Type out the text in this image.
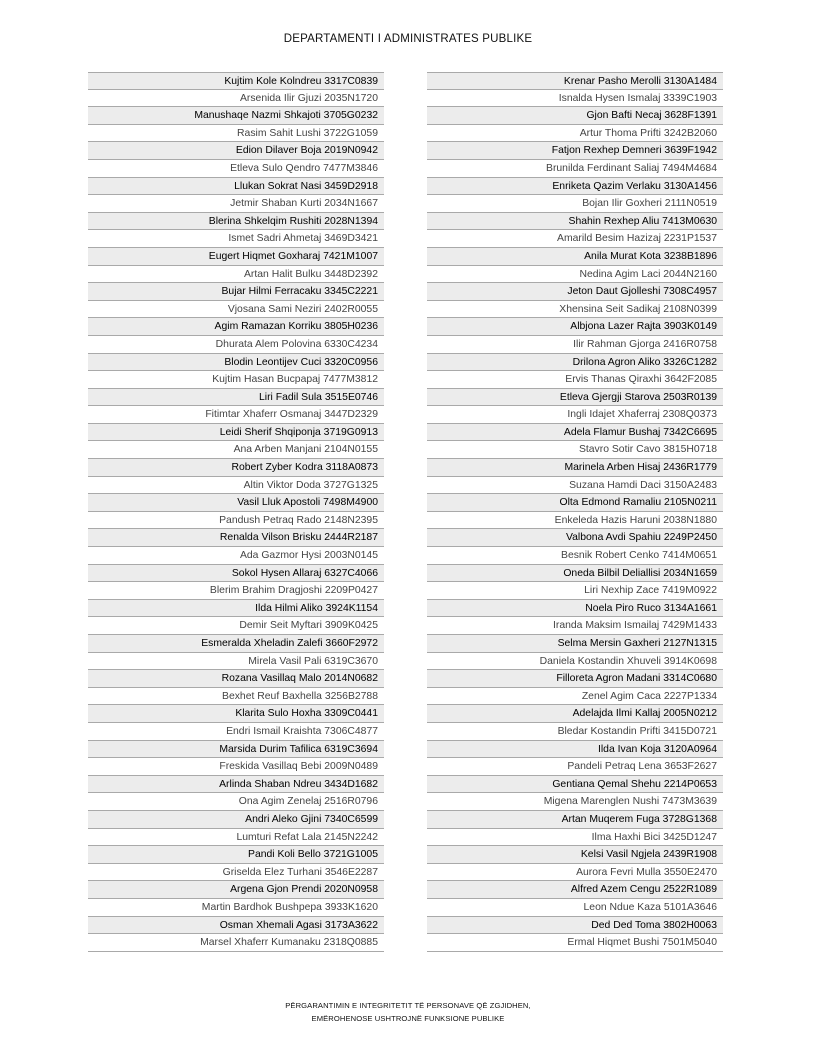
DEPARTAMENTI I ADMINISTRATES PUBLIKE
Kujtim Kole Kolndreu 3317C0839
Arsenida Ilir Gjuzi 2035N1720
Manushaqe Nazmi Shkajoti 3705G0232
Rasim Sahit Lushi 3722G1059
Edion Dilaver Boja 2019N0942
Etleva Sulo Qendro 7477M3846
Llukan Sokrat Nasi 3459D2918
Jetmir Shaban Kurti 2034N1667
Blerina Shkelqim Rushiti 2028N1394
Ismet Sadri Ahmetaj 3469D3421
Eugert Hiqmet Goxharaj 7421M1007
Artan Halit Bulku 3448D2392
Bujar Hilmi Ferracaku 3345C2221
Vjosana Sami Neziri 2402R0055
Agim Ramazan Korriku 3805H0236
Dhurata Alem Polovina 6330C4234
Blodin Leontijev Cuci 3320C0956
Kujtim Hasan Bucpapaj 7477M3812
Liri Fadil Sula 3515E0746
Fitimtar Xhaferr Osmanaj 3447D2329
Leidi Sherif Shqiponja 3719G0913
Ana Arben Manjani 2104N0155
Robert Zyber Kodra 3118A0873
Altin Viktor Doda 3727G1325
Vasil Lluk Apostoli 7498M4900
Pandush Petraq Rado 2148N2395
Renalda Vilson Brisku 2444R2187
Ada Gazmor Hysi 2003N0145
Sokol Hysen Allaraj 6327C4066
Blerim Brahim Dragjoshi 2209P0427
Ilda Hilmi Aliko 3924K1154
Demir Seit Myftari 3909K0425
Esmeralda Xheladin Zalefi 3660F2972
Mirela Vasil Pali 6319C3670
Rozana Vasillaq Malo 2014N0682
Bexhet Reuf Baxhella 3256B2788
Klarita Sulo Hoxha 3309C0441
Endri Ismail Kraishta 7306C4877
Marsida Durim Tafilica 6319C3694
Freskida Vasillaq Bebi 2009N0489
Arlinda Shaban Ndreu 3434D1682
Ona Agim Zenelaj 2516R0796
Andri Aleko Gjini 7340C6599
Lumturi Refat Lala 2145N2242
Pandi Koli Bello 3721G1005
Griselda Elez Turhani 3546E2287
Argena Gjon Prendi 2020N0958
Martin Bardhok Bushpepa 3933K1620
Osman Xhemali Agasi 3173A3622
Marsel Xhaferr Kumanaku 2318Q0885
Krenar Pasho Merolli 3130A1484
Isnalda Hysen Ismalaj 3339C1903
Gjon Bafti Necaj 3628F1391
Artur Thoma Prifti 3242B2060
Fatjon Rexhep Demneri 3639F1942
Brunilda Ferdinant Saliaj 7494M4684
Enriketa Qazim Verlaku 3130A1456
Bojan Ilir Goxheri 2111N0519
Shahin Rexhep Aliu 7413M0630
Amarild Besim Hazizaj 2231P1537
Anila Murat Kota 3238B1896
Nedina Agim Laci 2044N2160
Jeton Daut Gjolleshi 7308C4957
Xhensina Seit Sadikaj 2108N0399
Albjona Lazer Rajta 3903K0149
Ilir Rahman Gjorga 2416R0758
Drilona Agron Aliko 3326C1282
Ervis Thanas Qiraxhi 3642F2085
Etleva Gjergji Starova 2503R0139
Ingli Idajet Xhaferraj 2308Q0373
Adela Flamur Bushaj 7342C6695
Stavro Sotir Cavo 3815H0718
Marinela Arben Hisaj 2436R1779
Suzana Hamdi Daci 3150A2483
Olta Edmond Ramaliu 2105N0211
Enkeleda Hazis Haruni 2038N1880
Valbona Avdi Spahiu 2249P2450
Besnik Robert Cenko 7414M0651
Oneda Bilbil Deliallisi 2034N1659
Liri Nexhip Zace 7419M0922
Noela Piro Ruco 3134A1661
Iranda Maksim Ismailaj 7429M1433
Selma Mersin Gaxheri 2127N1315
Daniela Kostandin Xhuveli 3914K0698
Filloreta Agron Madani 3314C0680
Zenel Agim Caca 2227P1334
Adelajda Ilmi Kallaj 2005N0212
Bledar Kostandin Prifti 3415D0721
Ilda Ivan Koja 3120A0964
Pandeli Petraq Lena 3653F2627
Gentiana Qemal Shehu 2214P0653
Migena Marenglen Nushi 7473M3639
Artan Muqerem Fuga 3728G1368
Ilma Haxhi Bici 3425D1247
Kelsi Vasil Ngjela 2439R1908
Aurora Fevri Mulla 3550E2470
Alfred Azem Cengu 2522R1089
Leon Ndue Kaza 5101A3646
Ded Ded Toma 3802H0063
Ermal Hiqmet Bushi 7501M5040
PËRGARANTIMIN E INTEGRITETIT TË PERSONAVE QË ZGJIDHEN,
EMËROHENOSE USHTROJNË FUNKSIONE PUBLIKE
